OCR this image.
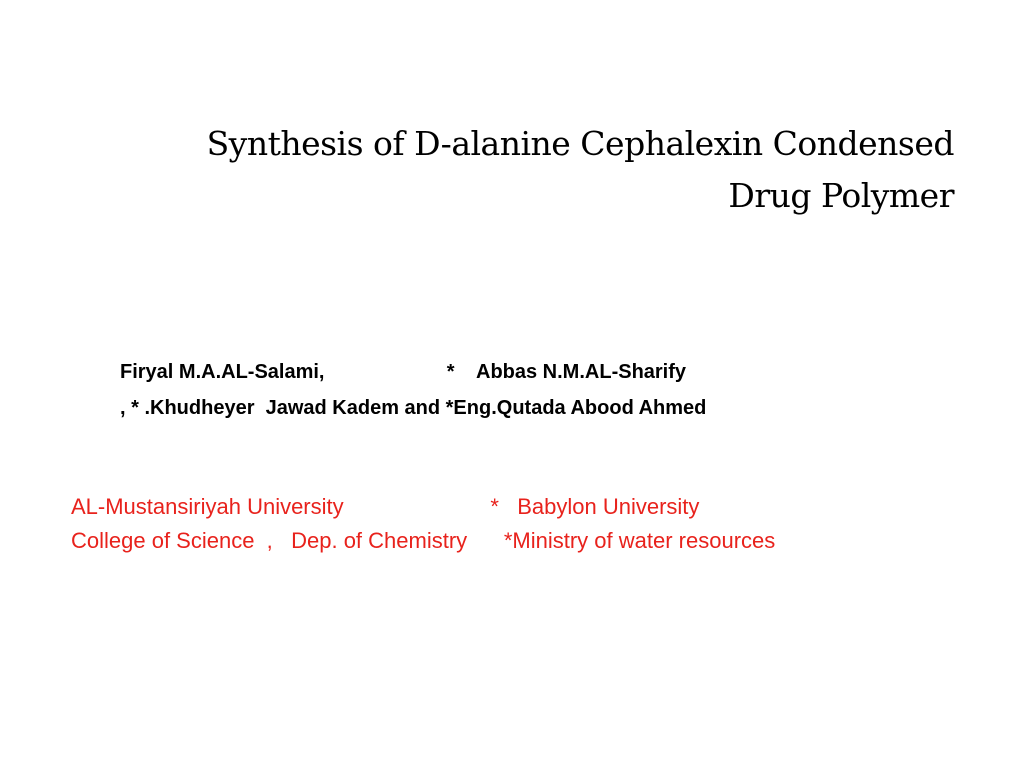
Synthesis of D-alanine Cephalexin Condensed
Drug Polymer
Firyal M.A.AL-Salami,                      *    Abbas N.M.AL-Sharify
, * .Khudheyer  Jawad Kadem and *Eng.Qutada Abood Ahmed
AL-Mustansiriyah University                        *   Babylon University
College of Science  ,   Dep. of Chemistry      *Ministry of water resources
